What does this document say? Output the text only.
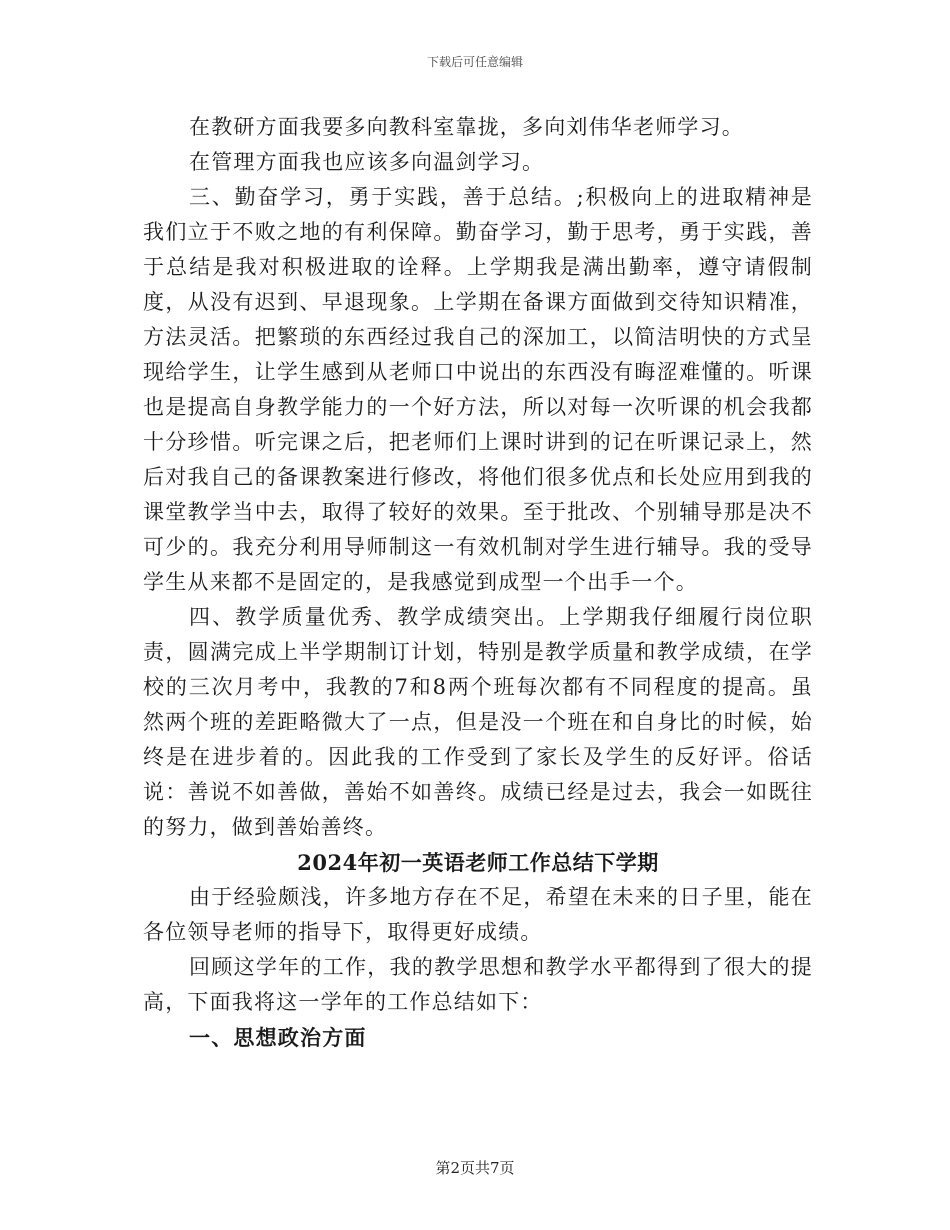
下载后可任意编辑

在教研方面我要多向教科室靠拢，多向刘伟华老师学习。

在管理方面我也应该多向温剑学习。

三、勤奋学习，勇于实践，善于总结。;积极向上的进取精神是我们立于不败之地的有利保障。勤奋学习，勤于思考，勇于实践，善于总结是我对积极进取的诠释。上学期我是满出勤率，遵守请假制度，从没有迟到、早退现象。上学期在备课方面做到交待知识精准，方法灵活。把繁琐的东西经过我自己的深加工，以简洁明快的方式呈现给学生，让学生感到从老师口中说出的东西没有晦涩难懂的。听课也是提高自身教学能力的一个好方法，所以对每一次听课的机会我都十分珍惜。听完课之后，把老师们上课时讲到的记在听课记录上，然后对我自己的备课教案进行修改，将他们很多优点和长处应用到我的课堂教学当中去，取得了较好的效果。至于批改、个别辅导那是决不可少的。我充分利用导师制这一有效机制对学生进行辅导。我的受导学生从来都不是固定的，是我感觉到成型一个出手一个。

四、教学质量优秀、教学成绩突出。上学期我仔细履行岗位职责，圆满完成上半学期制订计划，特别是教学质量和教学成绩，在学校的三次月考中，我教的7和8两个班每次都有不同程度的提高。虽然两个班的差距略微大了一点，但是没一个班在和自身比的时候，始终是在进步着的。因此我的工作受到了家长及学生的反好评。俗话说：善说不如善做，善始不如善终。成绩已经是过去，我会一如既往的努力，做到善始善终。

2024年初一英语老师工作总结下学期

由于经验颇浅，许多地方存在不足，希望在未来的日子里，能在各位领导老师的指导下，取得更好成绩。

回顾这学年的工作，我的教学思想和教学水平都得到了很大的提高，下面我将这一学年的工作总结如下：

一、思想政治方面

第2页共7页
